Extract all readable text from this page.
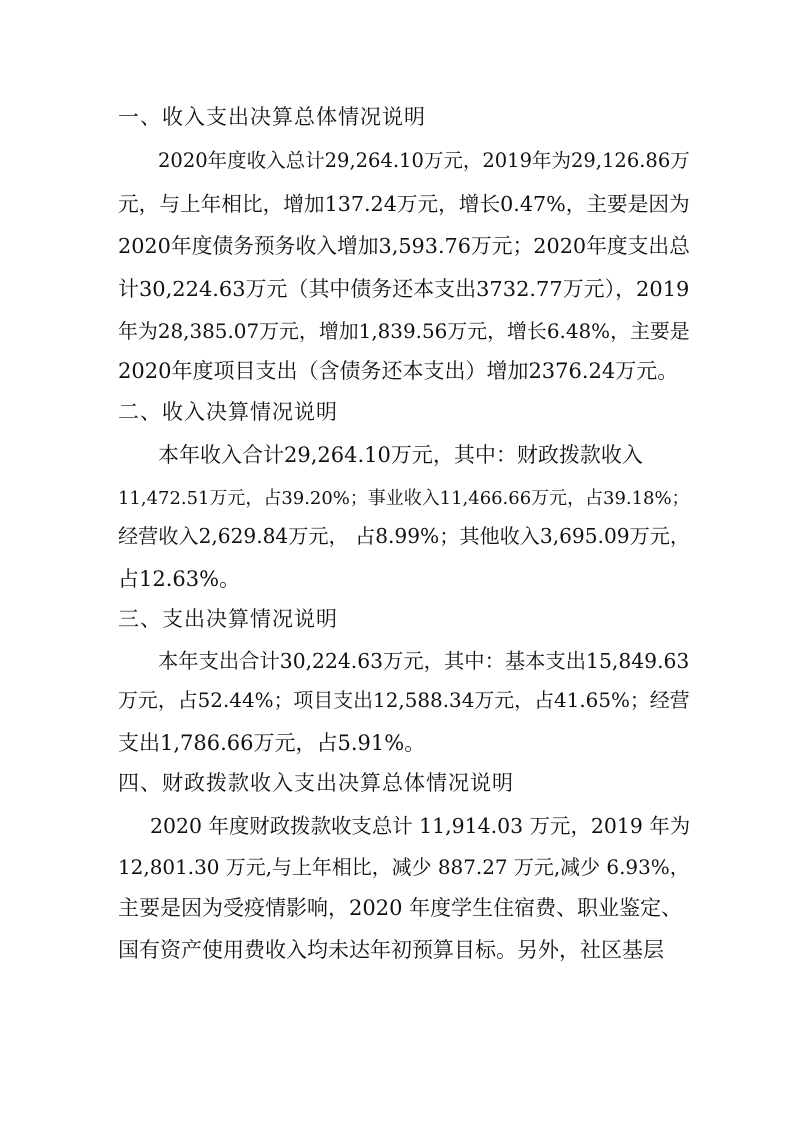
一、收入支出决算总体情况说明
2020年度收入总计29,264.10万元，2019年为29,126.86万
元，与上年相比，增加137.24万元，增长0.47%，主要是因为
2020年度债务预务收入增加3,593.76万元；2020年度支出总
计30,224.63万元（其中债务还本支出3732.77万元），2019
年为28,385.07万元，增加1,839.56万元，增长6.48%，主要是
2020年度项目支出（含债务还本支出）增加2376.24万元。
二、收入决算情况说明
本年收入合计29,264.10万元，其中：财政拨款收入
11,472.51万元，占39.20%；事业收入11,466.66万元，占39.18%；
经营收入2,629.84万元， 占8.99%；其他收入3,695.09万元，
占12.63%。
三、支出决算情况说明
本年支出合计30,224.63万元，其中：基本支出15,849.63
万元，占52.44%；项目支出12,588.34万元，占41.65%；经营
支出1,786.66万元，占5.91%。
四、财政拨款收入支出决算总体情况说明
2020 年度财政拨款收支总计 11,914.03 万元，2019 年为
12,801.30 万元,与上年相比，减少 887.27 万元,减少 6.93%，
主要是因为受疫情影响，2020 年度学生住宿费、职业鉴定、
国有资产使用费收入均未达年初预算目标。另外，社区基层
